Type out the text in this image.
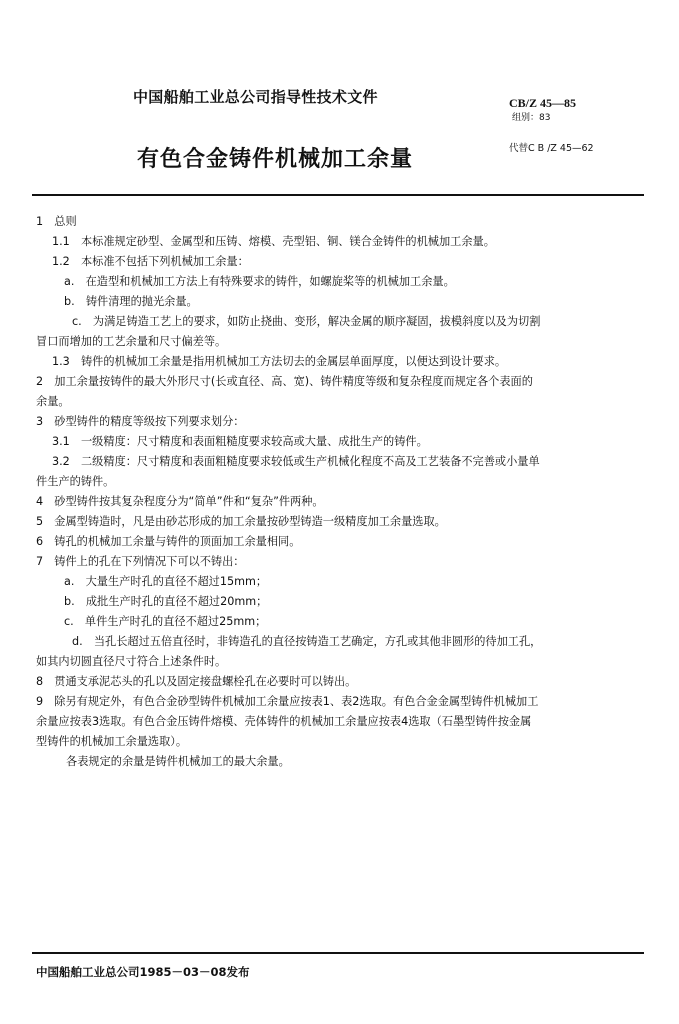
中国船舶工业总公司指导性技术文件	CB/Z 45—85
组别：83
有色合金铸件机械加工余量	代替C B /Z 45—62
1　总则
1.1　本标准规定砂型、金属型和压铸、熔模、壳型铝、铜、镁合金铸件的机械加工余量。
1.2　本标准不包括下列机械加工余量：
a.　在造型和机械加工方法上有特殊要求的铸件，如螺旋桨等的机械加工余量。
b.　铸件清理的抛光余量。
c.　为满足铸造工艺上的要求，如防止挠曲、变形，解决金属的顺序凝固，拔模斜度以及为切割
冒口而增加的工艺余量和尺寸偏差等。
1.3　铸件的机械加工余量是指用机械加工方法切去的金属层单面厚度，以便达到设计要求。
2　加工余量按铸件的最大外形尺寸(长或直径、高、宽)、铸件精度等级和复杂程度而规定各个表面的
余量。
3　砂型铸件的精度等级按下列要求划分：
3.1　一级精度：尺寸精度和表面粗糙度要求较高或大量、成批生产的铸件。
3.2　二级精度：尺寸精度和表面粗糙度要求较低或生产机械化程度不高及工艺装备不完善或小量单
件生产的铸件。
4　砂型铸件按其复杂程度分为“简单”件和“复杂”件两种。
5　金属型铸造时，凡是由砂芯形成的加工余量按砂型铸造一级精度加工余量选取。
6　铸孔的机械加工余量与铸件的顶面加工余量相同。
7　铸件上的孔在下列情况下可以不铸出：
a.　大量生产时孔的直径不超过15mm；
b.　成批生产时孔的直径不超过20mm；
c.　单件生产时孔的直径不超过25mm；
d.　当孔长超过五倍直径时，非铸造孔的直径按铸造工艺确定，方孔或其他非圆形的待加工孔，
如其内切圆直径尺寸符合上述条件时。
8　贯通支承泥芯头的孔以及固定接盘螺栓孔在必要时可以铸出。
9　除另有规定外，有色合金砂型铸件机械加工余量应按表1、表2选取。有色合金金属型铸件机械加工
余量应按表3选取。有色合金压铸件熔模、壳体铸件的机械加工余量应按表4选取（石墨型铸件按金属
型铸件的机械加工余量选取）。
各表规定的余量是铸件机械加工的最大余量。
中国船舶工业总公司1985－03－08发布
